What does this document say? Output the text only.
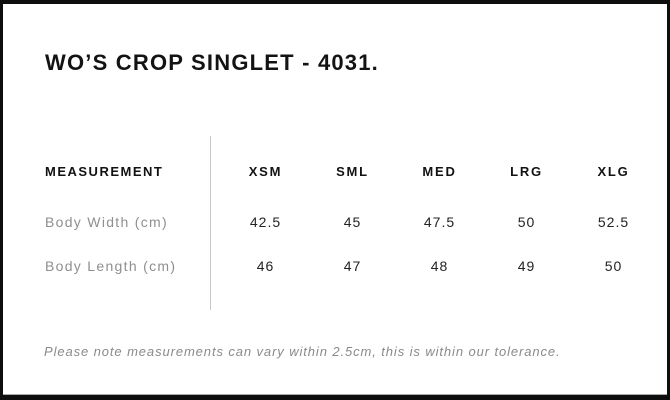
WO’S CROP SINGLET - 4031.
MEASUREMENT	XSM	SML	MED	LRG	XLG
Body Width (cm)	42.5	45	47.5	50	52.5
Body Length (cm)	46	47	48	49	50

Please note measurements can vary within 2.5cm, this is within our tolerance.
